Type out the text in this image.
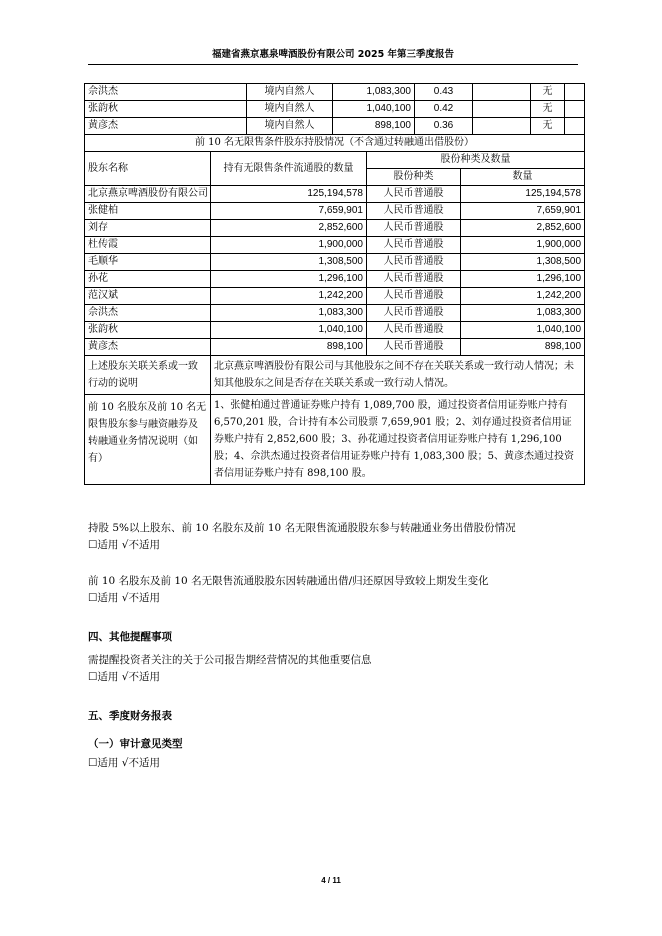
福建省燕京惠泉啤酒股份有限公司 2025 年第三季度报告
佘洪杰	境内自然人	1,083,300	0.43		无	
张韵秋	境内自然人	1,040,100	0.42		无	
黄彦杰	境内自然人	898,100	0.36		无	
前 10 名无限售条件股东持股情况（不含通过转融通出借股份）			
股东名称	持有无限售条件流通股的数量	股份种类及数量	
		股份种类	数量
北京燕京啤酒股份有限公司	125,194,578	人民币普通股	125,194,578
张健柏	7,659,901	人民币普通股	7,659,901
刘存	2,852,600	人民币普通股	2,852,600
杜传霞	1,900,000	人民币普通股	1,900,000
毛顺华	1,308,500	人民币普通股	1,308,500
孙花	1,296,100	人民币普通股	1,296,100
范汉斌	1,242,200	人民币普通股	1,242,200
佘洪杰	1,083,300	人民币普通股	1,083,300
张韵秋	1,040,100	人民币普通股	1,040,100
黄彦杰	898,100	人民币普通股	898,100
上述股东关联关系或一致行动的说明	北京燕京啤酒股份有限公司与其他股东之间不存在关联关系或一致行动人情况；未知其他股东之间是否存在关联关系或一致行动人情况。		
前 10 名股东及前 10 名无限售股东参与融资融券及转融通业务情况说明（如有）	1、张健柏通过普通证券账户持有 1,089,700 股，通过投资者信用证券账户持有 6,570,201 股，合计持有本公司股票 7,659,901 股；2、刘存通过投资者信用证券账户持有 2,852,600 股；3、孙花通过投资者信用证券账户持有 1,296,100 股；4、佘洪杰通过投资者信用证券账户持有 1,083,300 股；5、黄彦杰通过投资者信用证券账户持有 898,100 股。		
持股 5%以上股东、前 10 名股东及前 10 名无限售流通股股东参与转融通业务出借股份情况
☐适用 √不适用
前 10 名股东及前 10 名无限售流通股股东因转融通出借/归还原因导致较上期发生变化
☐适用 √不适用
四、其他提醒事项
需提醒投资者关注的关于公司报告期经营情况的其他重要信息
☐适用 √不适用
五、季度财务报表
（一）审计意见类型
☐适用 √不适用
4 / 11
